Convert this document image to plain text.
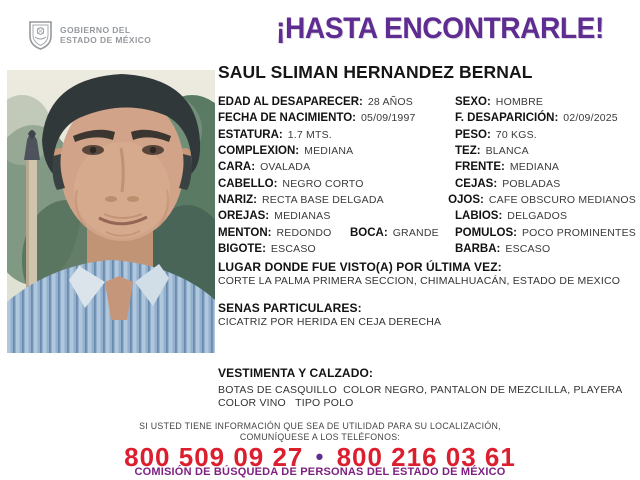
GOBIERNO DEL
ESTADO DE MÉXICO	¡HASTA ENCONTRARLE!
SAUL SLIMAN HERNANDEZ BERNAL
EDAD AL DESAPARECER: 28 AÑOS	SEXO: HOMBRE
FECHA DE NACIMIENTO: 05/09/1997	F. DESAPARICIÓN: 02/09/2025
ESTATURA: 1.7 MTS.	PESO: 70 KGS.
COMPLEXION: MEDIANA	TEZ: BLANCA
CARA: OVALADA	FRENTE: MEDIANA
CABELLO: NEGRO CORTO	CEJAS: POBLADAS
NARIZ: RECTA BASE DELGADA	OJOS: CAFE OBSCURO MEDIANOS
OREJAS: MEDIANAS	LABIOS: DELGADOS
MENTON: REDONDO BOCA: GRANDE POMULOS: POCO PROMINENTES
BIGOTE: ESCASO	BARBA: ESCASO
LUGAR DONDE FUE VISTO(A) POR ÚLTIMA VEZ:

CORTE LA PALMA PRIMERA SECCION, CHIMALHUACÁN, ESTADO DE MEXICO

SENAS PARTICULARES:

CICATRIZ POR HERIDA EN CEJA DERECHA

VESTIMENTA Y CALZADO:

BOTAS DE CASQUILLO  COLOR NEGRO, PANTALON DE MEZCLILLA, PLAYERA  COLOR VINO   TIPO POLO

SI USTED TIENE INFORMACIÓN QUE SEA DE UTILIDAD PARA SU LOCALIZACIÓN,
COMUNÍQUESE A LOS TELÉFONOS:

800 509 09 27 • 800 216 03 61
COMISIÓN DE BÚSQUEDA DE PERSONAS DEL ESTADO DE MÉXICO
